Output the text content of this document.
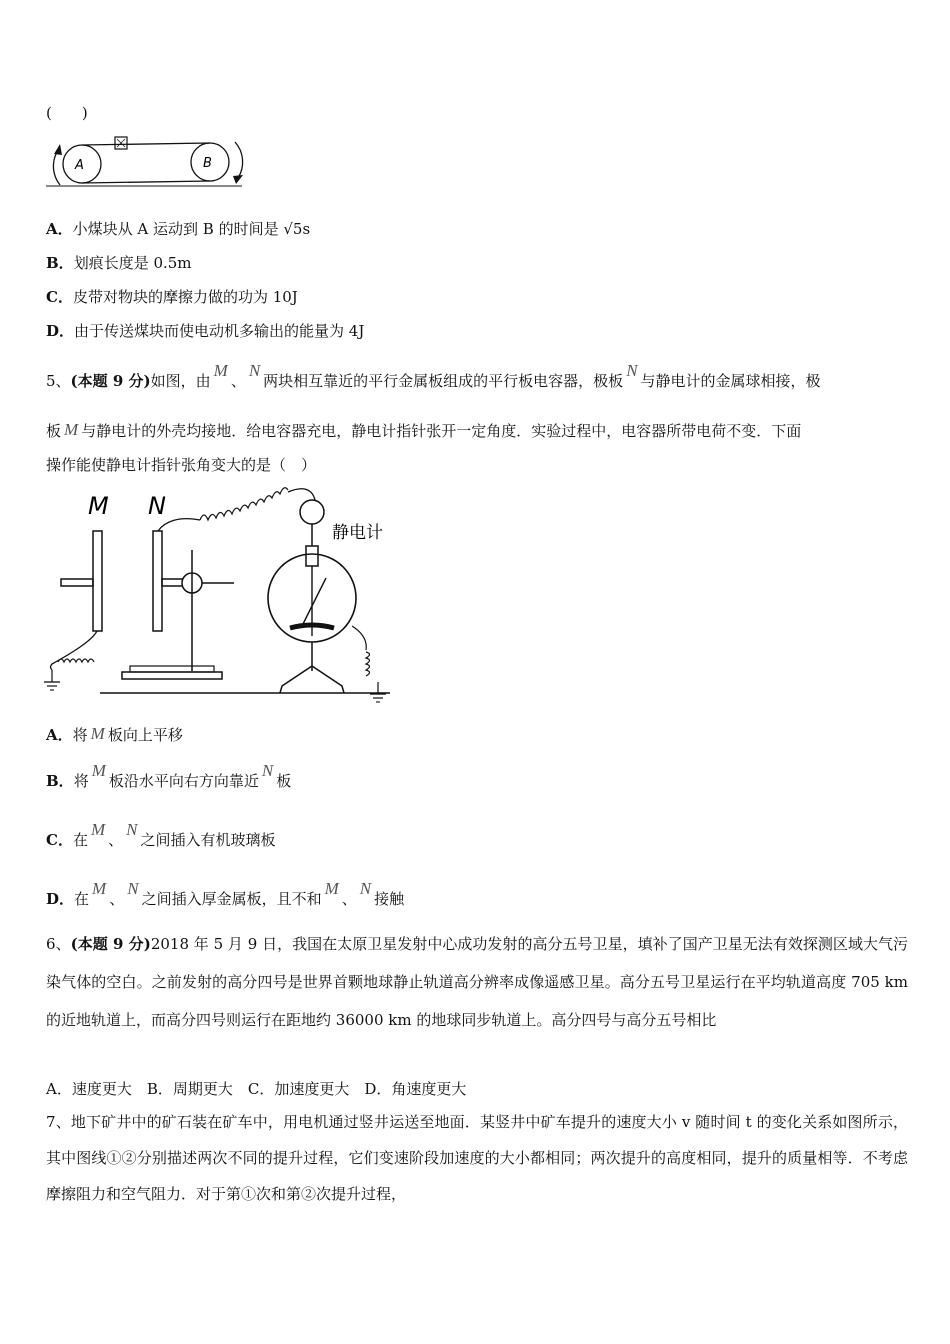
(　　)
A	B
A．小煤块从 A 运动到 B 的时间是 √5s
B．划痕长度是 0.5m
C．皮带对物块的摩擦力做的功为 10J
D．由于传送煤块而使电动机多输出的能量为 4J
5、(本题 9 分)如图，由M、N两块相互靠近的平行金属板组成的平行板电容器，极板N与静电计的金属球相接，极
板 M 与静电计的外壳均接地．给电容器充电，静电计指针张开一定角度．实验过程中，电容器所带电荷不变．下面
操作能使静电计指针张角变大的是（　）
M N
静电计
A．将 M 板向上平移
B．将M板沿水平向右方向靠近N板
C．在M、N之间插入有机玻璃板
D．在M、N之间插入厚金属板，且不和M、N接触
6、(本题 9 分)2018 年 5 月 9 日，我国在太原卫星发射中心成功发射的高分五号卫星，填补了国产卫星无法有效探测区域大气污染气体的空白。之前发射的高分四号是世界首颗地球静止轨道高分辨率成像遥感卫星。高分五号卫星运行在平均轨道高度 705 km 的近地轨道上，而高分四号则运行在距地约 36000 km 的地球同步轨道上。高分四号与高分五号相比
A．速度更大　B．周期更大　C．加速度更大　D．角速度更大
7、地下矿井中的矿石装在矿车中，用电机通过竖井运送至地面．某竖井中矿车提升的速度大小 v 随时间 t 的变化关系如图所示，其中图线①②分别描述两次不同的提升过程，它们变速阶段加速度的大小都相同；两次提升的高度相同，提升的质量相等．不考虑摩擦阻力和空气阻力．对于第①次和第②次提升过程，
